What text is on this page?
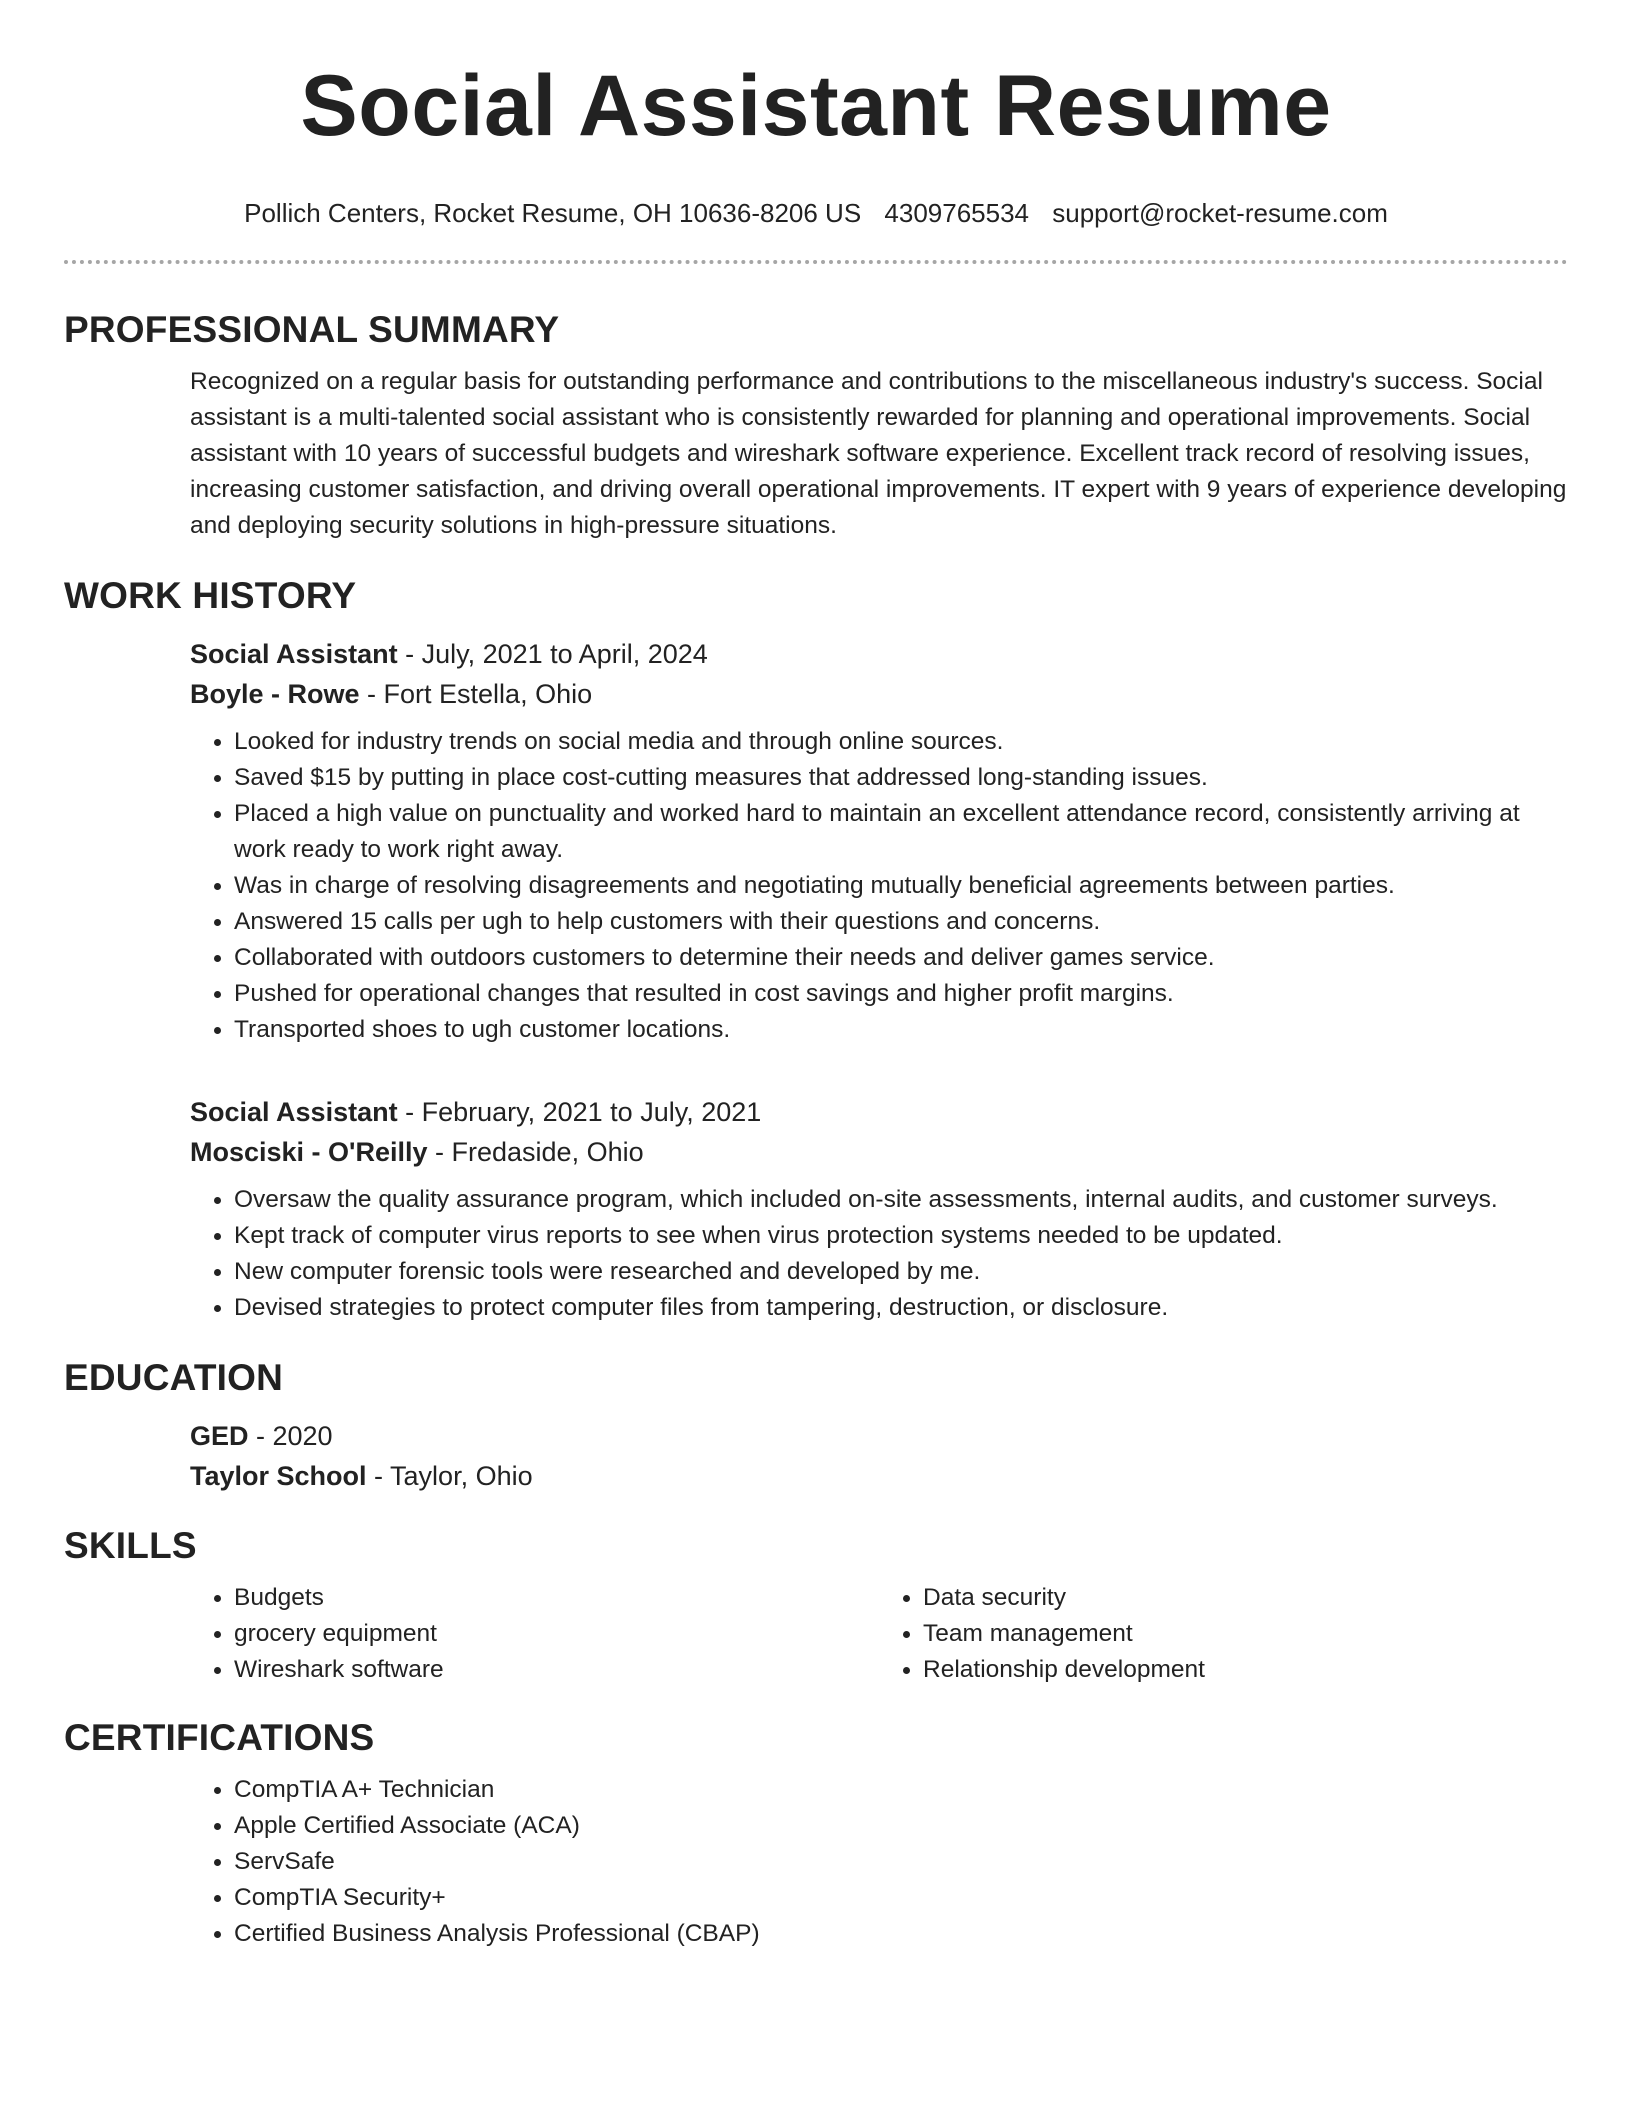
Social Assistant Resume
Pollich Centers, Rocket Resume, OH 10636-8206 US 4309765534 support@rocket-resume.com
PROFESSIONAL SUMMARY
Recognized on a regular basis for outstanding performance and contributions to the miscellaneous industry's success. Social assistant is a multi-talented social assistant who is consistently rewarded for planning and operational improvements. Social assistant with 10 years of successful budgets and wireshark software experience. Excellent track record of resolving issues, increasing customer satisfaction, and driving overall operational improvements. IT expert with 9 years of experience developing and deploying security solutions in high-pressure situations.
WORK HISTORY
Social Assistant - July, 2021 to April, 2024
Boyle - Rowe - Fort Estella, Ohio
• Looked for industry trends on social media and through online sources.
• Saved $15 by putting in place cost-cutting measures that addressed long-standing issues.
• Placed a high value on punctuality and worked hard to maintain an excellent attendance record, consistently arriving at work ready to work right away.
• Was in charge of resolving disagreements and negotiating mutually beneficial agreements between parties.
• Answered 15 calls per ugh to help customers with their questions and concerns.
• Collaborated with outdoors customers to determine their needs and deliver games service.
• Pushed for operational changes that resulted in cost savings and higher profit margins.
• Transported shoes to ugh customer locations.
Social Assistant - February, 2021 to July, 2021
Mosciski - O'Reilly - Fredaside, Ohio
• Oversaw the quality assurance program, which included on-site assessments, internal audits, and customer surveys.
• Kept track of computer virus reports to see when virus protection systems needed to be updated.
• New computer forensic tools were researched and developed by me.
• Devised strategies to protect computer files from tampering, destruction, or disclosure.
EDUCATION
GED - 2020
Taylor School - Taylor, Ohio
SKILLS
• Budgets
• grocery equipment
• Wireshark software
• Data security
• Team management
• Relationship development
CERTIFICATIONS
• CompTIA A+ Technician
• Apple Certified Associate (ACA)
• ServSafe
• CompTIA Security+
• Certified Business Analysis Professional (CBAP)
